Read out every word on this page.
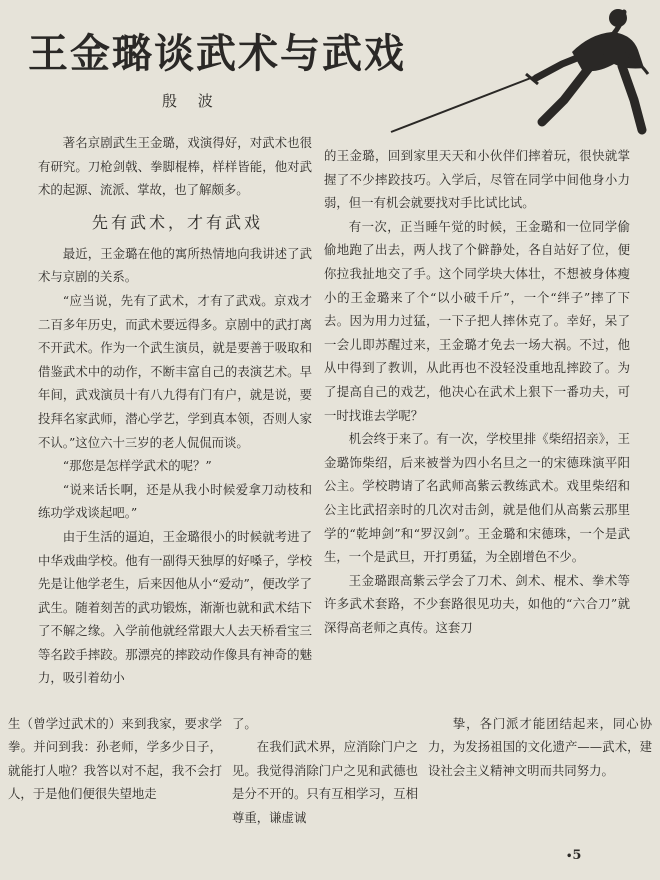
王金璐谈武术与武戏
殷 波

著名京剧武生王金璐，戏演得好，对武术也很有研究。刀枪剑戟、拳脚棍棒，样样皆能，他对武术的起源、流派、掌故，也了解颇多。

先有武术，才有武戏

最近，王金璐在他的寓所热情地向我讲述了武术与京剧的关系。

“应当说，先有了武术，才有了武戏。京戏才二百多年历史，而武术要远得多。京剧中的武打离不开武术。作为一个武生演员，就是要善于吸取和借鉴武术中的动作，不断丰富自己的表演艺术。早年间，武戏演员十有八九得有门有户，就是说，要投拜名家武师，潜心学艺，学到真本领，否则人家不认。”这位六十三岁的老人侃侃而谈。

“那您是怎样学武术的呢？”

“说来话长啊，还是从我小时候爱拿刀动枝和练功学戏谈起吧。”

由于生活的逼迫，王金璐很小的时候就考进了中华戏曲学校。他有一副得天独厚的好嗓子，学校先是让他学老生，后来因他从小“爱动”，便改学了武生。随着刻苦的武功锻炼，渐渐也就和武术结下了不解之缘。入学前他就经常跟大人去天桥看宝三等名跤手摔跤。那漂亮的摔跤动作像具有神奇的魅力，吸引着幼小

的王金璐，回到家里天天和小伙伴们摔着玩，很快就掌握了不少摔跤技巧。入学后，尽管在同学中间他身小力弱，但一有机会就要找对手比试比试。

有一次，正当睡午觉的时候，王金璐和一位同学偷偷地跑了出去，两人找了个僻静处，各自站好了位，便你拉我扯地交了手。这个同学块大体壮，不想被身体瘦小的王金璐来了个“以小破千斤”，一个“绊子”摔了下去。因为用力过猛，一下子把人摔休克了。幸好，呆了一会儿即苏醒过来，王金璐才免去一场大祸。不过，他从中得到了教训，从此再也不没轻没重地乱摔跤了。为了提高自己的戏艺，他决心在武术上狠下一番功夫，可一时找谁去学呢？

机会终于来了。有一次，学校里排《柴绍招亲》，王金璐饰柴绍，后来被誉为四小名旦之一的宋德珠演平阳公主。学校聘请了名武师高紫云教练武术。戏里柴绍和公主比武招亲时的几次对击剑，就是他们从高紫云那里学的“乾坤剑”和“罗汉剑”。王金璐和宋德珠，一个是武生，一个是武旦，开打勇猛，为全剧增色不少。

王金璐跟高紫云学会了刀术、剑术、棍术、拳术等许多武术套路，不少套路很见功夫，如他的“六合刀”就深得高老师之真传。这套刀

生（曾学过武术的）来到我家，要求学拳。并问到我：孙老师，学多少日子，就能打人啦？我答以对不起，我不会打人，于是他们便很失望地走

了。

在我们武术界，应消除门户之见。我觉得消除门户之见和武德也是分不开的。只有互相学习，互相尊重，谦虚诚

挚，各门派才能团结起来，同心协力，为发扬祖国的文化遗产——武术，建设社会主义精神文明而共同努力。

•5
